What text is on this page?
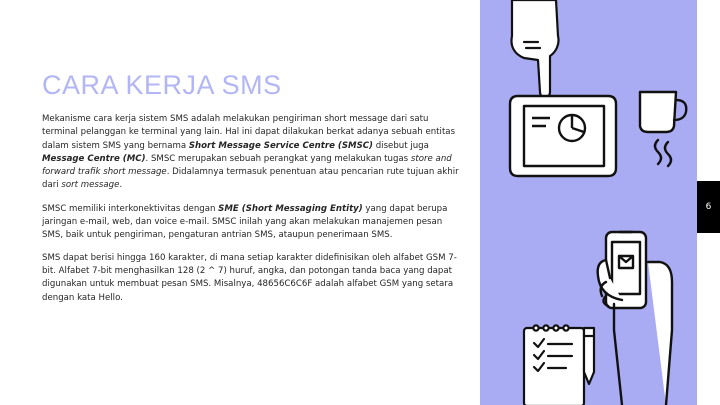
CARA KERJA SMS

Mekanisme cara kerja sistem SMS adalah melakukan pengiriman short message dari satu terminal pelanggan ke terminal yang lain. Hal ini dapat dilakukan berkat adanya sebuah entitas dalam sistem SMS yang bernama Short Message Service Centre (SMSC) disebut juga Message Centre (MC). SMSC merupakan sebuah perangkat yang melakukan tugas store and forward trafik short message. Didalamnya termasuk penentuan atau pencarian rute tujuan akhir dari sort message.

SMSC memiliki interkonektivitas dengan SME (Short Messaging Entity) yang dapat berupa jaringan e-mail, web, dan voice e-mail. SMSC inilah yang akan melakukan manajemen pesan SMS, baik untuk pengiriman, pengaturan antrian SMS, ataupun penerimaan SMS.

SMS dapat berisi hingga 160 karakter, di mana setiap karakter didefinisikan oleh alfabet GSM 7-bit. Alfabet 7-bit menghasilkan 128 (2 ^ 7) huruf, angka, dan potongan tanda baca yang dapat digunakan untuk membuat pesan SMS. Misalnya, 48656C6C6F adalah alfabet GSM yang setara dengan kata Hello.

6
